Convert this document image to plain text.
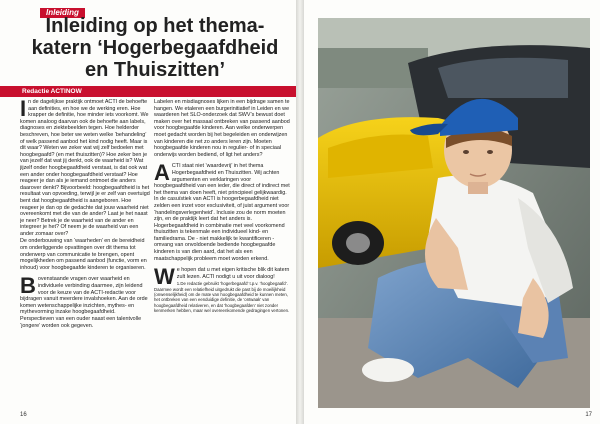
Inleiding
Inleiding op het thema-katern ‘Hogerbegaafdheid en Thuiszitten’
Redactie ACTINOW

In de dagelijkse praktijk ontmoet ACTI de behoefte aan definities, en hoe we de werking eren. Hoe krapper de definitie, hoe minder iets voorkomt. We komen analoog daarvan ook de behoefte aan labels, diagnoses en ziektebeelden tegen. Hoe helderder beschreven, hoe beter we weten welke ‘behandeling’ of welk passend aanbod het kind nodig heeft. Maar is dit waar? Weten we zeker wat wij zelf bedoelen met hoogbegaafd? (en met thuiszitten)? Hoe zeker ben je van jezelf dat wat jij denkt, ook de waarheid is? Wat jijzelf onder hoogbegaafdheid verstaat, is dat ook wat een ander onder hoogbegaafdheid verstaat? Hoe reageer je dan als je iemand ontmoet die anders daarover denkt? Bijvoorbeeld: hoogbegaafdheid is het resultaat van opvoeding, terwijl je er zelf van overtuigd bent dat hoogbegaafdheid is aangeboren. Hoe reageer je dan op de gedachte dat jouw waarheid niet overeenkomt met die van de ander? Laat je het naast je neer? Betrek je de waarheid van de ander en integreer je het? Of neem je de waarheid van een ander zomaar over?

De onderbouwing van ‘waarheden’ en de bereidheid om onderliggende opvattingen over dit thema tot onderwerp van communicatie te brengen, opent mogelijkheden om passend aanbod (functie, vorm en inhoud) voor hoogbegaafde kinderen te organiseren.

Bovenstaande vragen over waarheid en individuele verbinding daarmee, zijn leidend voor de keuze van de ACTI-redactie voor bijdragen vanuit meerdere invalshoeken. Aan de orde komen wetenschappelijke inzichten, mythes- en mythevorming inzake hoogbegaafdheid. Perspectieven van een ouder naast een talentvolle ‘jongere’ worden ook gegeven.

Labelen en misdiagnoses lijken in een bijdrage samen te hangen. We etaleren een burgerinitiatief in Leiden en we waarderen het SLO-onderzoek dat SWV’s bewust doet maken over het massaal ontbreken van passend aanbod voor hoogbegaafde kinderen. Aan welke onderwerpen moet gedacht worden bij het begeleiden en onderwijzen van kinderen die net zo anders leren zijn. Moeten hoogbegaafde kinderen nou in regulier- of in speciaal onderwijs worden bediend, of ligt het anders?

ACTI staat niet ‘waardevrij’ in het thema Hogerbegaafdheid en Thuiszitten. Wij achten argumenten en verklaringen voor hoogbegaafdheid van een ieder, die direct of indirect met het thema van doen heeft, niet principieel gelijkwaardig. In de casuïstiek van ACTI is hoogerbegaafdheid niet zelden een inzet voor exclusiviteit, of juist argument voor ‘handelingsverlegenheid’. Inclusie zou de norm moeten zijn, en de praktijk leert dat het anders is. Hogerbegaafdheid in combinatie met veel voorkomend thuiszitten is tekenmale een individueel kind- en familiedrama. De - niet makkelijk te kwantificeren - omvang van onvoldoende bediende hoogbegaafde kinderen is van dien aard, dat het als een maatschappelijk probleem moet worden erkend.

We hopen dat u met eigen kritische blik dit katern zult lezen. ACTI nodigt u uit voor dialoog!

1.De redactie gebruikt ‘hogerbegaafd’ t.p.v. ‘hoogbegaafd’. Daarmee wordt een relatiefheid uitgedrukt die past bij de moeilijkheid (onwenselijkheid) om de mate van hoogbegaafdheid te kunnen meten, het ontbreken van een eenduidige definitie, de ‘ontwaak’ van hoogbegaafdheid relativeren, en dat ‘hoogbegaafden’ niet zonder kenmerken hebben, maar wel overeenkomende gedragingen vertonen.

16	17
